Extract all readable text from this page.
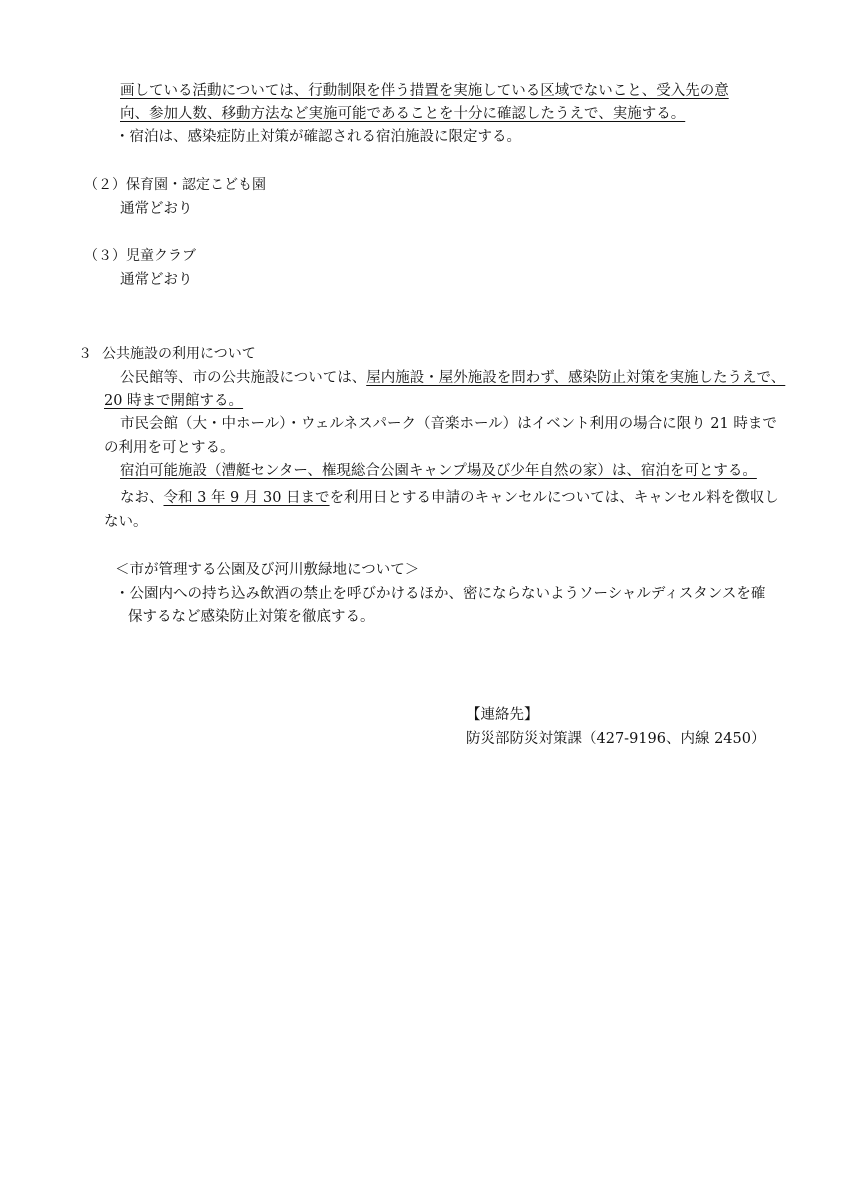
画している活動については、行動制限を伴う措置を実施している区域でないこと、受入先の意
向、参加人数、移動方法など実施可能であることを十分に確認したうえで、実施する。
・宿泊は、感染症防止対策が確認される宿泊施設に限定する。
（２）保育園・認定こども園
通常どおり
（３）児童クラブ
通常どおり
３ 公共施設の利用について
公民館等、市の公共施設については、屋内施設・屋外施設を問わず、感染防止対策を実施したうえで、
20 時まで開館する。
市民会館（大・中ホール）・ウェルネスパーク（音楽ホール）はイベント利用の場合に限り 21 時まで
の利用を可とする。
宿泊可能施設（漕艇センター、権現総合公園キャンプ場及び少年自然の家）は、宿泊を可とする。
なお、令和 3 年 9 月 30 日までを利用日とする申請のキャンセルについては、キャンセル料を徴収し
ない。
＜市が管理する公園及び河川敷緑地について＞
・公園内への持ち込み飲酒の禁止を呼びかけるほか、密にならないようソーシャルディスタンスを確
保するなど感染防止対策を徹底する。
【連絡先】
防災部防災対策課（427-9196、内線 2450）
